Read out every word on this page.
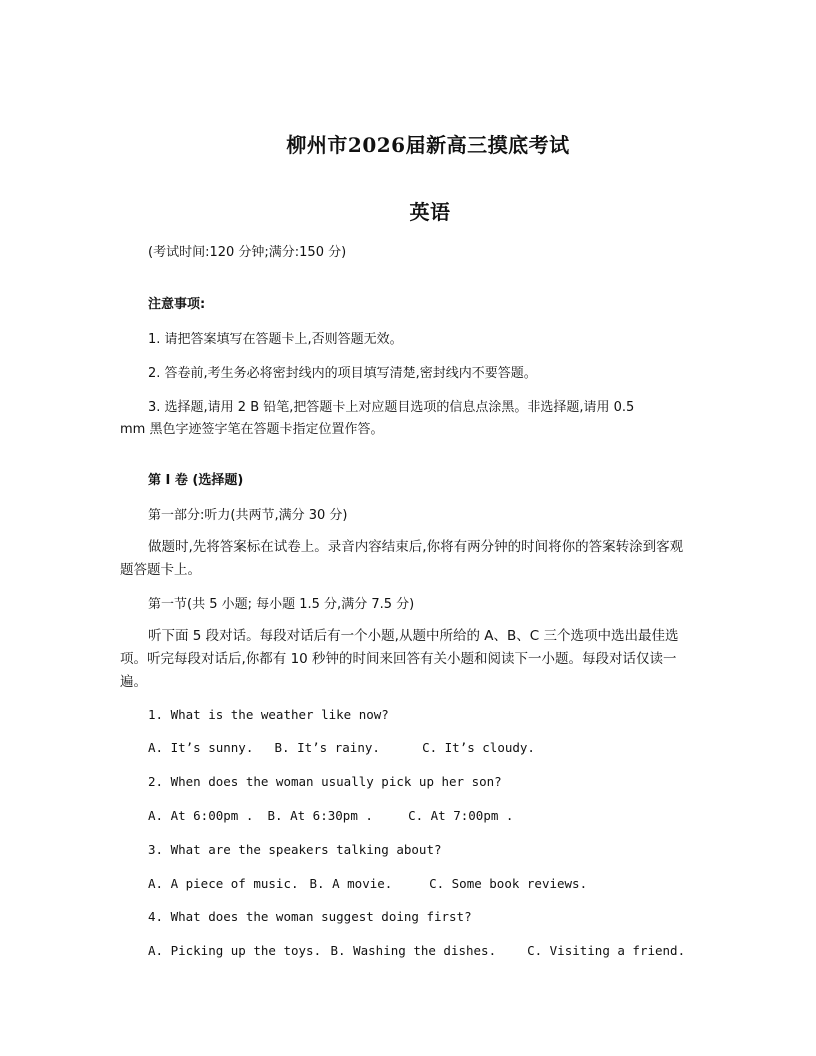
柳州市2026届新高三摸底考试
英语
(考试时间:120 分钟;满分:150 分)
注意事项:
1. 请把答案填写在答题卡上,否则答题无效。
2. 答卷前,考生务必将密封线内的项目填写清楚,密封线内不要答题。
3. 选择题,请用 2 B 铅笔,把答题卡上对应题目选项的信息点涂黑。非选择题,请用 0.5
mm 黑色字迹签字笔在答题卡指定位置作答。
第 I 卷 (选择题)
第一部分:听力(共两节,满分 30 分)
做题时,先将答案标在试卷上。录音内容结束后,你将有两分钟的时间将你的答案转涂到客观题答题卡上。
第一节(共 5 小题; 每小题 1.5 分,满分 7.5 分)
听下面 5 段对话。每段对话后有一个小题,从题中所给的 A、B、C 三个选项中选出最佳选项。听完每段对话后,你都有 10 秒钟的时间来回答有关小题和阅读下一小题。每段对话仅读一遍。
1. What is the weather like now?
A. It’s sunny. B. It’s rainy.	C. It’s cloudy.
2. When does the woman usually pick up her son?
A. At 6:00pm . B. At 6:30pm .	C. At 7:00pm .
3. What are the speakers talking about?
A. A piece of music. B. A movie.	C. Some book reviews.
4. What does the woman suggest doing first?
A. Picking up the toys. B. Washing the dishes. C. Visiting a friend.
